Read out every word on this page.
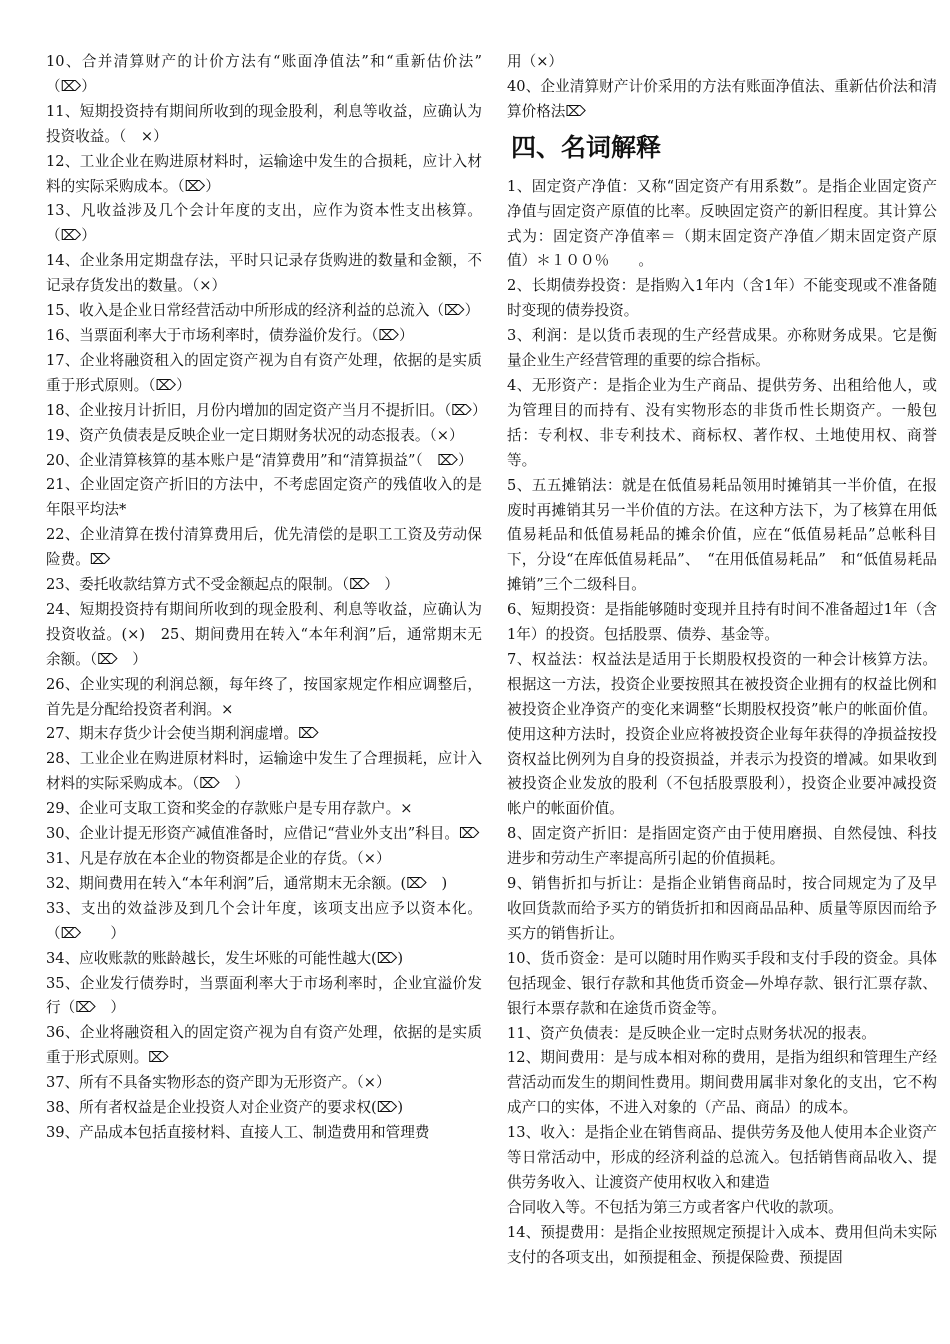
10、合并清算财产的计价方法有“账面净值法”和“重新估价法”　（⌦）

11、短期投资持有期间所收到的现金股利，利息等收益，应确认为投资收益。（　×）

12、工业企业在购进原材料时，运输途中发生的合损耗，应计入材料的实际采购成本。（⌦）

13、凡收益涉及几个会计年度的支出，应作为资本性支出核算。（⌦）

14、企业条用定期盘存法，平时只记录存货购进的数量和金额，不记录存货发出的数量。（×）

15、收入是企业日常经营活动中所形成的经济利益的总流入（⌦）

16、当票面利率大于市场利率时，债券溢价发行。（⌦）

17、企业将融资租入的固定资产视为自有资产处理，依据的是实质重于形式原则。（⌦）

18、企业按月计折旧，月份内增加的固定资产当月不提折旧。（⌦）

19、资产负债表是反映企业一定日期财务状况的动态报表。（×）

20、企业清算核算的基本账户是“清算费用”和“清算损益”（　⌦）

21、企业固定资产折旧的方法中，不考虑固定资产的残值收入的是年限平均法*

22、企业清算在拨付清算费用后，优先清偿的是职工工资及劳动保险费。⌦

23、委托收款结算方式不受金额起点的限制。（⌦　）

24、短期投资持有期间所收到的现金股利、利息等收益，应确认为投资收益。(×)　25、期间费用在转入“本年利润”后，通常期末无余额。（⌦　）

26、企业实现的利润总额，每年终了，按国家规定作相应调整后，首先是分配给投资者利润。×

27、期末存货少计会使当期利润虚增。⌦

28、工业企业在购进原材料时，运输途中发生了合理损耗，应计入材料的实际采购成本。（⌦　）

29、企业可支取工资和奖金的存款账户是专用存款户。×

30、企业计提无形资产减值准备时，应借记“营业外支出”科目。⌦

31、凡是存放在本企业的物资都是企业的存货。（×）

32、期间费用在转入“本年利润”后，通常期末无余额。(⌦　)

33、支出的效益涉及到几个会计年度，该项支出应予以资本化。（⌦　　）

34、应收账款的账龄越长，发生坏账的可能性越大(⌦)

35、企业发行债券时，当票面利率大于市场利率时，企业宜溢价发行（⌦　）

36、企业将融资租入的固定资产视为自有资产处理，依据的是实质重于形式原则。⌦

37、所有不具备实物形态的资产即为无形资产。（×）

38、所有者权益是企业投资人对企业资产的要求权(⌦)

39、产品成本包括直接材料、直接人工、制造费用和管理费

用（×）

40、企业清算财产计价采用的方法有账面净值法、重新估价法和清算价格法⌦

四、名词解释

1、固定资产净值：又称“固定资产有用系数”。是指企业固定资产净值与固定资产原值的比率。反映固定资产的新旧程度。其计算公式为：固定资产净值率＝（期末固定资产净值／期末固定资产原值）＊１００％　　。

2、长期债券投资：是指购入1年内（含1年）不能变现或不准备随时变现的债券投资。

3、利润：是以货币表现的生产经营成果。亦称财务成果。它是衡量企业生产经营管理的重要的综合指标。

4、无形资产：是指企业为生产商品、提供劳务、出租给他人，或为管理目的而持有、没有实物形态的非货币性长期资产。一般包括：专利权、非专利技术、商标权、著作权、土地使用权、商誉等。

5、五五摊销法：就是在低值易耗品领用时摊销其一半价值，在报废时再摊销其另一半价值的方法。在这种方法下，为了核算在用低值易耗品和低值易耗品的摊余价值，应在“低值易耗品”总帐科目下，分设“在库低值易耗品”、　“在用低值易耗品”　和“低值易耗品摊销”三个二级科目。

6、短期投资：是指能够随时变现并且持有时间不准备超过1年（含1年）的投资。包括股票、债券、基金等。

7、权益法：权益法是适用于长期股权投资的一种会计核算方法。根据这一方法，投资企业要按照其在被投资企业拥有的权益比例和被投资企业净资产的变化来调整“长期股权投资”帐户的帐面价值。使用这种方法时，投资企业应将被投资企业每年获得的净损益按投资权益比例列为自身的投资损益，并表示为投资的增减。如果收到被投资企业发放的股利（不包括股票股利），投资企业要冲减投资帐户的帐面价值。

8、固定资产折旧：是指固定资产由于使用磨损、自然侵蚀、科技进步和劳动生产率提高所引起的价值损耗。

9、销售折扣与折让：是指企业销售商品时，按合同规定为了及早收回货款而给予买方的销货折扣和因商品品种、质量等原因而给予买方的销售折让。

10、货币资金：是可以随时用作购买手段和支付手段的资金。具体包括现金、银行存款和其他货币资金—外埠存款、银行汇票存款、银行本票存款和在途货币资金等。

11、资产负债表：是反映企业一定时点财务状况的报表。

12、期间费用：是与成本相对称的费用，是指为组织和管理生产经营活动而发生的期间性费用。期间费用属非对象化的支出，它不构成产口的实体，不进入对象的（产品、商品）的成本。

13、收入：是指企业在销售商品、提供劳务及他人使用本企业资产等日常活动中，形成的经济利益的总流入。包括销售商品收入、提供劳务收入、让渡资产使用权收入和建造
合同收入等。不包括为第三方或者客户代收的款项。

14、预提费用：是指企业按照规定预提计入成本、费用但尚未实际支付的各项支出，如预提租金、预提保险费、预提固
